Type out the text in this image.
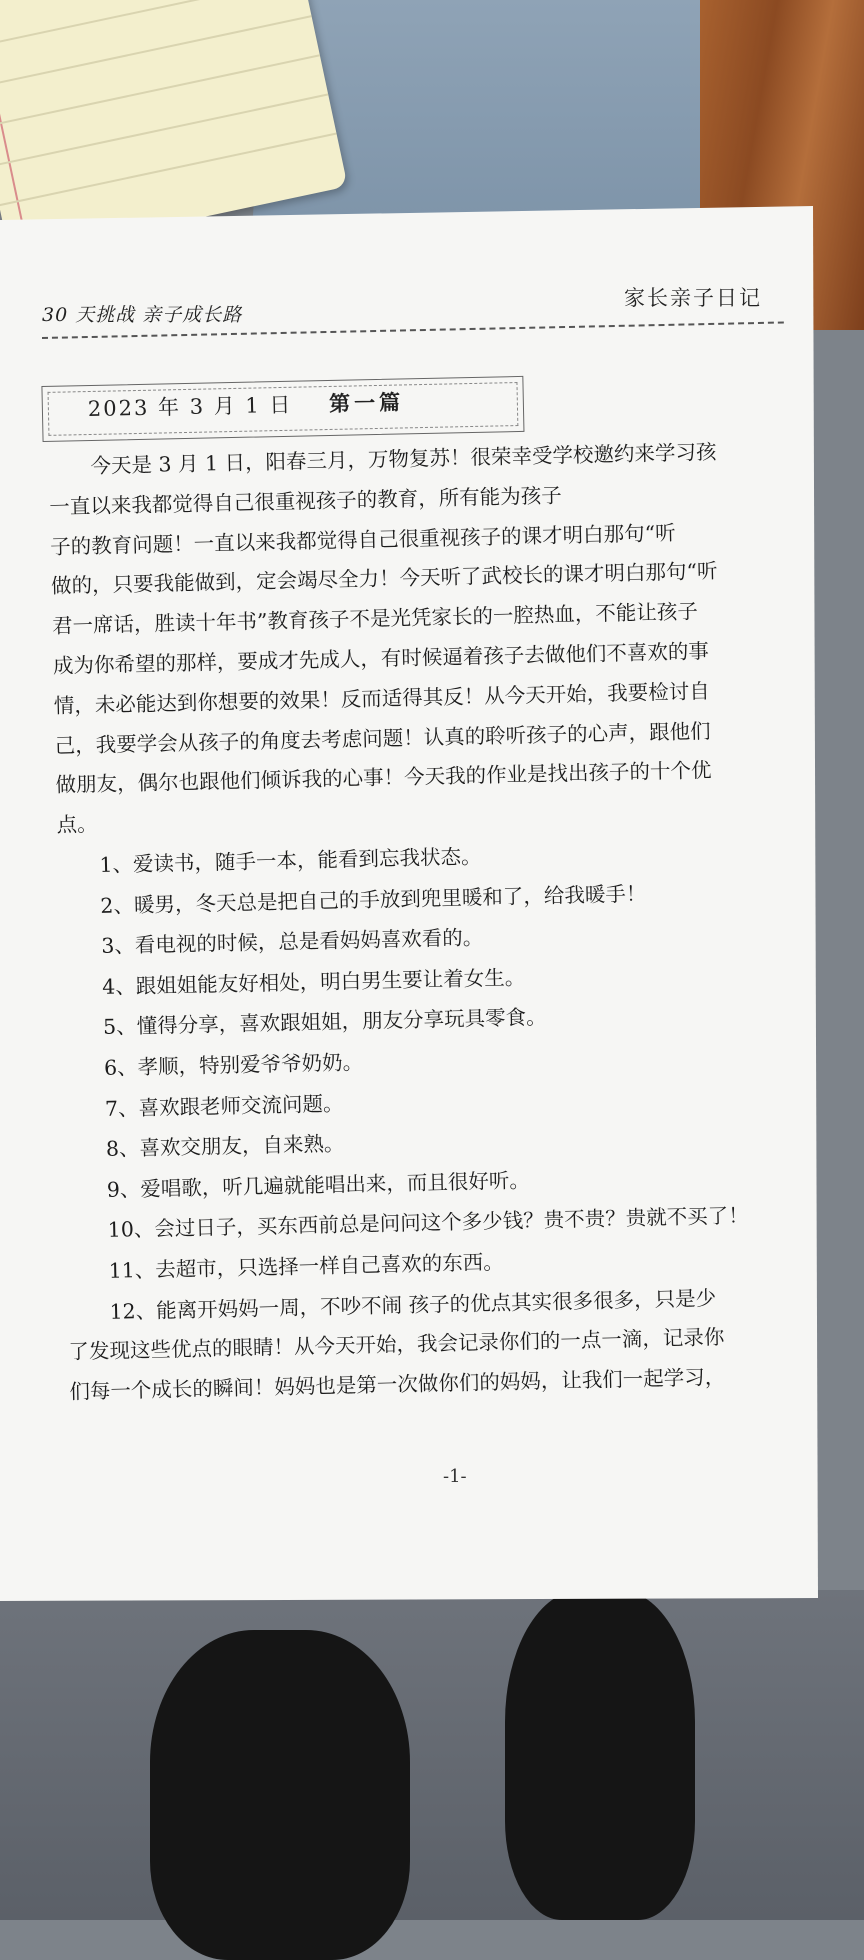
30 天挑战 亲子成长路
家长亲子日记
2023 年 3 月 1 日 第一篇
今天是 3 月 1 日，阳春三月，万物复苏！很荣幸受学校邀约来学习孩
一直以来我都觉得自己很重视孩子的教育，所有能为孩子
子的教育问题！一直以来我都觉得自己很重视孩子的课才明白那句“听
做的，只要我能做到，定会竭尽全力！今天听了武校长的课才明白那句“听
君一席话，胜读十年书”教育孩子不是光凭家长的一腔热血，不能让孩子
成为你希望的那样，要成才先成人，有时候逼着孩子去做他们不喜欢的事
情，未必能达到你想要的效果！反而适得其反！从今天开始，我要检讨自
己，我要学会从孩子的角度去考虑问题！认真的聆听孩子的心声，跟他们
做朋友，偶尔也跟他们倾诉我的心事！今天我的作业是找出孩子的十个优
点。
1、爱读书，随手一本，能看到忘我状态。
2、暖男，冬天总是把自己的手放到兜里暖和了，给我暖手！
3、看电视的时候，总是看妈妈喜欢看的。
4、跟姐姐能友好相处，明白男生要让着女生。
5、懂得分享，喜欢跟姐姐，朋友分享玩具零食。
6、孝顺，特别爱爷爷奶奶。
7、喜欢跟老师交流问题。
8、喜欢交朋友，自来熟。
9、爱唱歌，听几遍就能唱出来，而且很好听。
10、会过日子，买东西前总是问问这个多少钱？贵不贵？贵就不买了！
11、去超市，只选择一样自己喜欢的东西。
12、能离开妈妈一周，不吵不闹 孩子的优点其实很多很多，只是少
了发现这些优点的眼睛！从今天开始，我会记录你们的一点一滴，记录你
们每一个成长的瞬间！妈妈也是第一次做你们的妈妈，让我们一起学习，
-1-
